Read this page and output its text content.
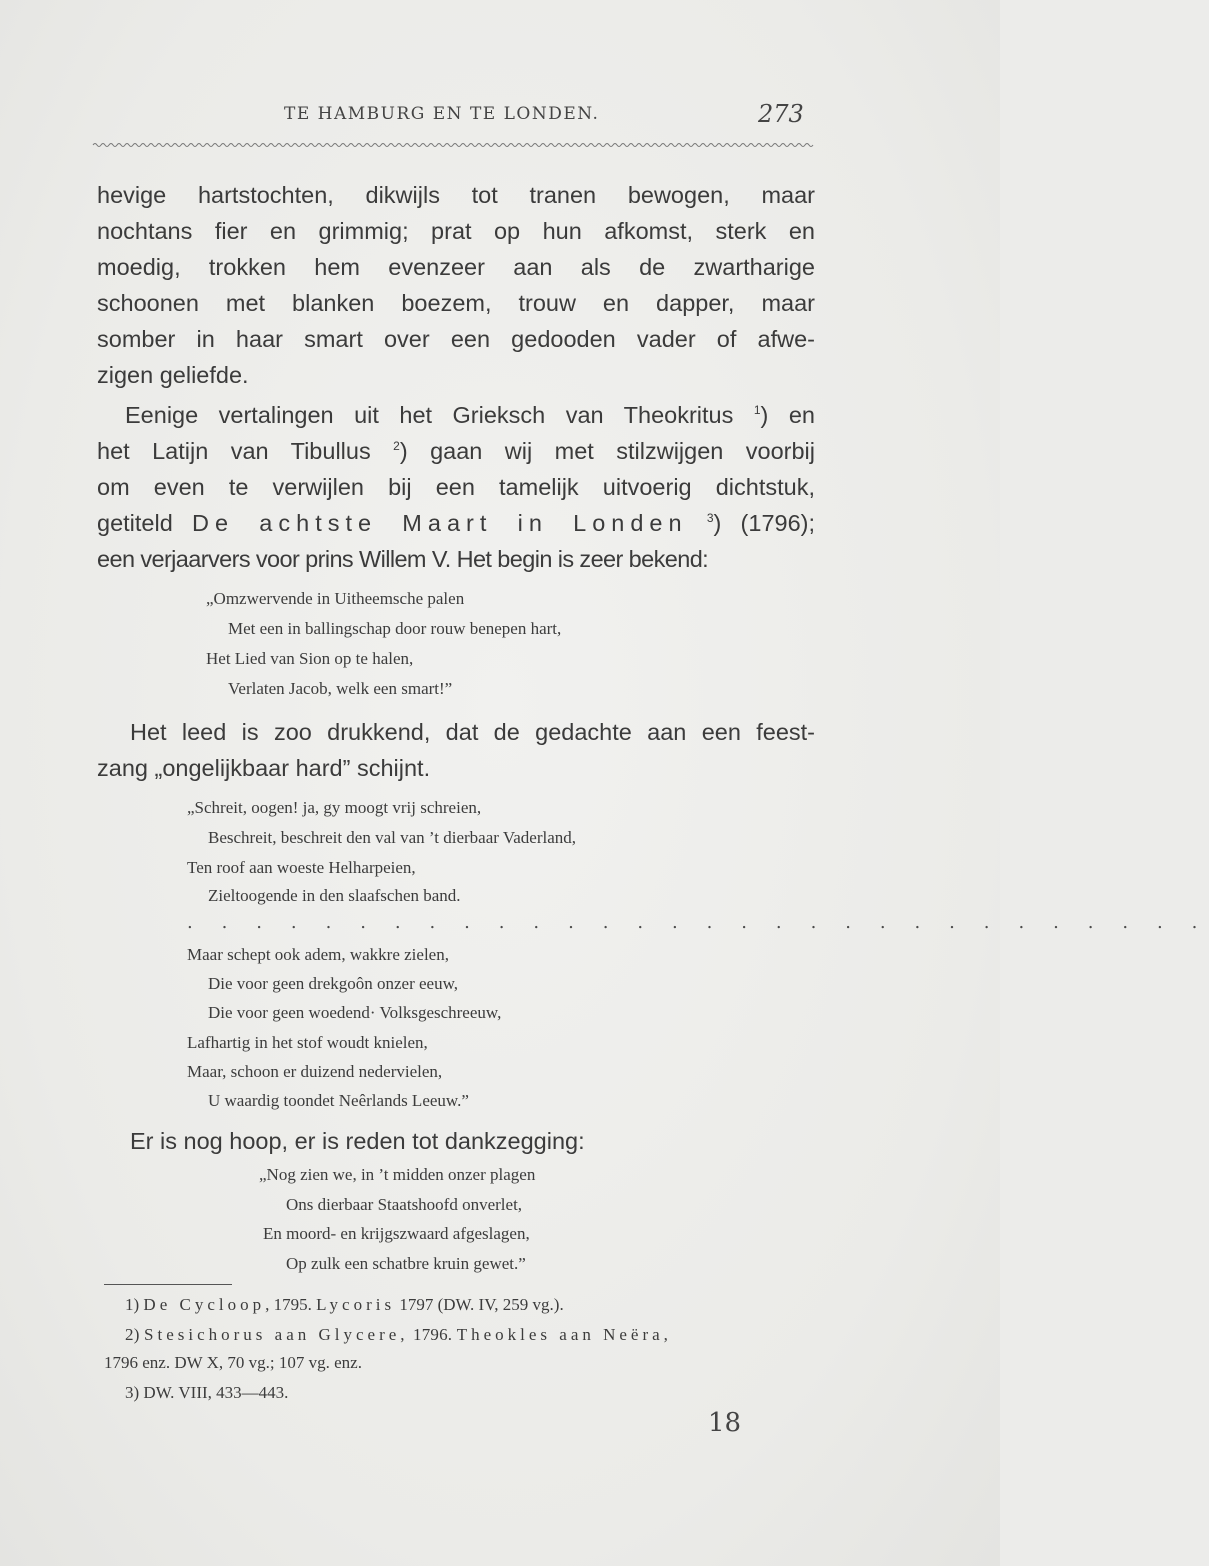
TE HAMBURG EN TE LONDEN.	273
hevige hartstochten, dikwijls tot tranen bewogen, maar
nochtans fier en grimmig; prat op hun afkomst, sterk en
moedig, trokken hem evenzeer aan als de zwartharige
schoonen met blanken boezem, trouw en dapper, maar
somber in haar smart over een gedooden vader of afwe-
zigen geliefde.
Eenige vertalingen uit het Grieksch van Theokritus $^1$) en
het Latijn van Tibullus $^2$) gaan wij met stilzwijgen voorbij
om even te verwijlen bij een tamelijk uitvoerig dichtstuk,
getiteld De achtste Maart in Londen $^3$) (1796);
een verjaarvers voor prins Willem V. Het begin is zeer bekend:
„Omzwervende in Uitheemsche palen
Met een in ballingschap door rouw benepen hart,
Het Lied van Sion op te halen,
Verlaten Jacob, welk een smart!”
Het leed is zoo drukkend, dat de gedachte aan een feest-
zang „ongelijkbaar hard” schijnt.
„Schreit, oogen! ja, gy moogt vrij schreien,
Beschreit, beschreit den val van ’t dierbaar Vaderland,
Ten roof aan woeste Helharpeien,
Zieltoogende in den slaafschen band.
. . . . . . . . . . . . . . . . . . . . . . . . . . . . . .
Maar schept ook adem, wakkre zielen,
Die voor geen drekgoôn onzer eeuw,
Die voor geen woedend· Volksgeschreeuw,
Lafhartig in het stof woudt knielen,
Maar, schoon er duizend nedervielen,
U waardig toondet Neêrlands Leeuw.”
Er is nog hoop, er is reden tot dankzegging:
„Nog zien we, in ’t midden onzer plagen
Ons dierbaar Staatshoofd onverlet,
En moord- en krijgszwaard afgeslagen,
Op zulk een schatbre kruin gewet.”
1) De Cycloop, 1795. Lycoris 1797 (DW. IV, 259 vg.).
2) Stesichorus aan Glycere, 1796. Theokles aan Neëra,
1796 enz. DW X, 70 vg.; 107 vg. enz.
3) DW. VIII, 433—443.
18
